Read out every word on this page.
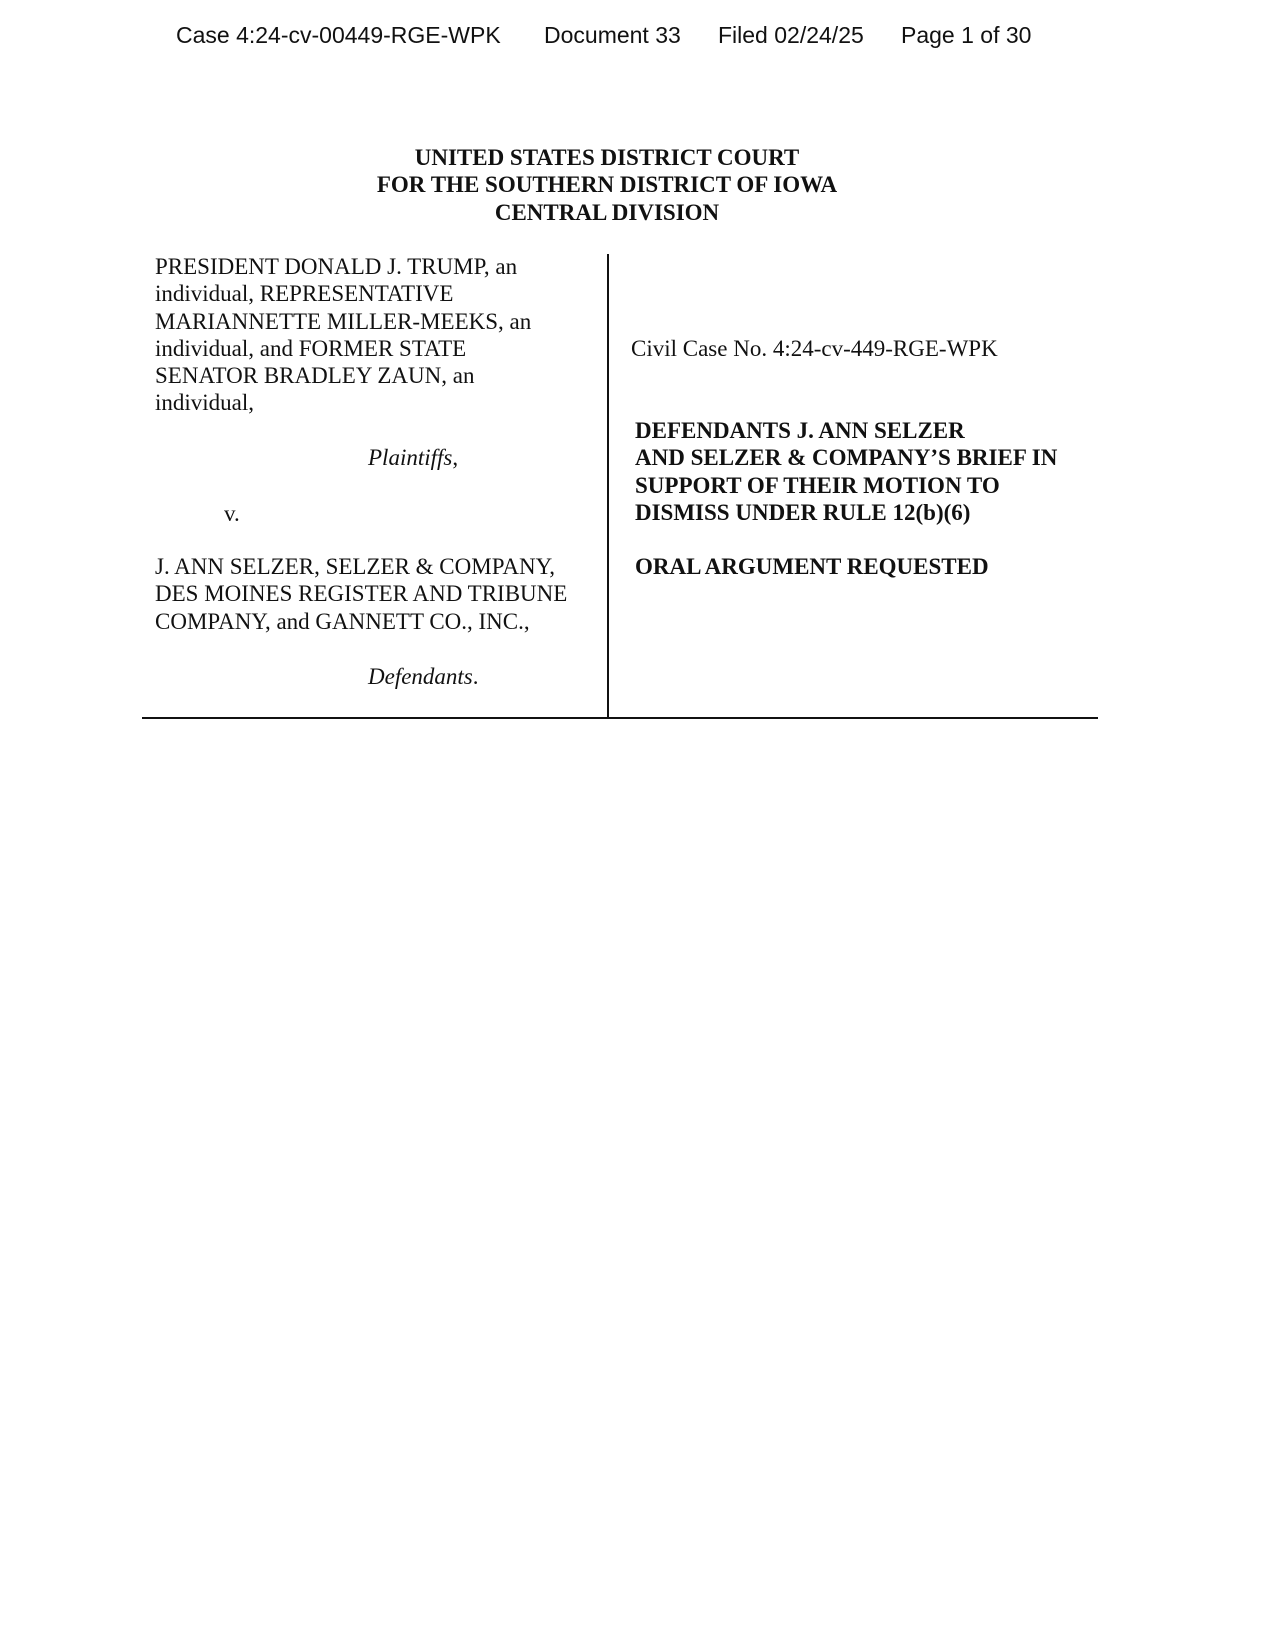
Case 4:24-cv-00449-RGE-WPK Document 33 Filed 02/24/25 Page 1 of 30
UNITED STATES DISTRICT COURT
FOR THE SOUTHERN DISTRICT OF IOWA
CENTRAL DIVISION
PRESIDENT DONALD J. TRUMP, an
individual, REPRESENTATIVE
MARIANNETTE MILLER-MEEKS, an
individual, and FORMER STATE
SENATOR BRADLEY ZAUN, an
individual,
Plaintiffs,
v.
J. ANN SELZER, SELZER & COMPANY,
DES MOINES REGISTER AND TRIBUNE
COMPANY, and GANNETT CO., INC.,
Defendants.
Civil Case No. 4:24-cv-449-RGE-WPK
DEFENDANTS J. ANN SELZER
AND SELZER & COMPANY’S BRIEF IN
SUPPORT OF THEIR MOTION TO
DISMISS UNDER RULE 12(b)(6)
ORAL ARGUMENT REQUESTED
